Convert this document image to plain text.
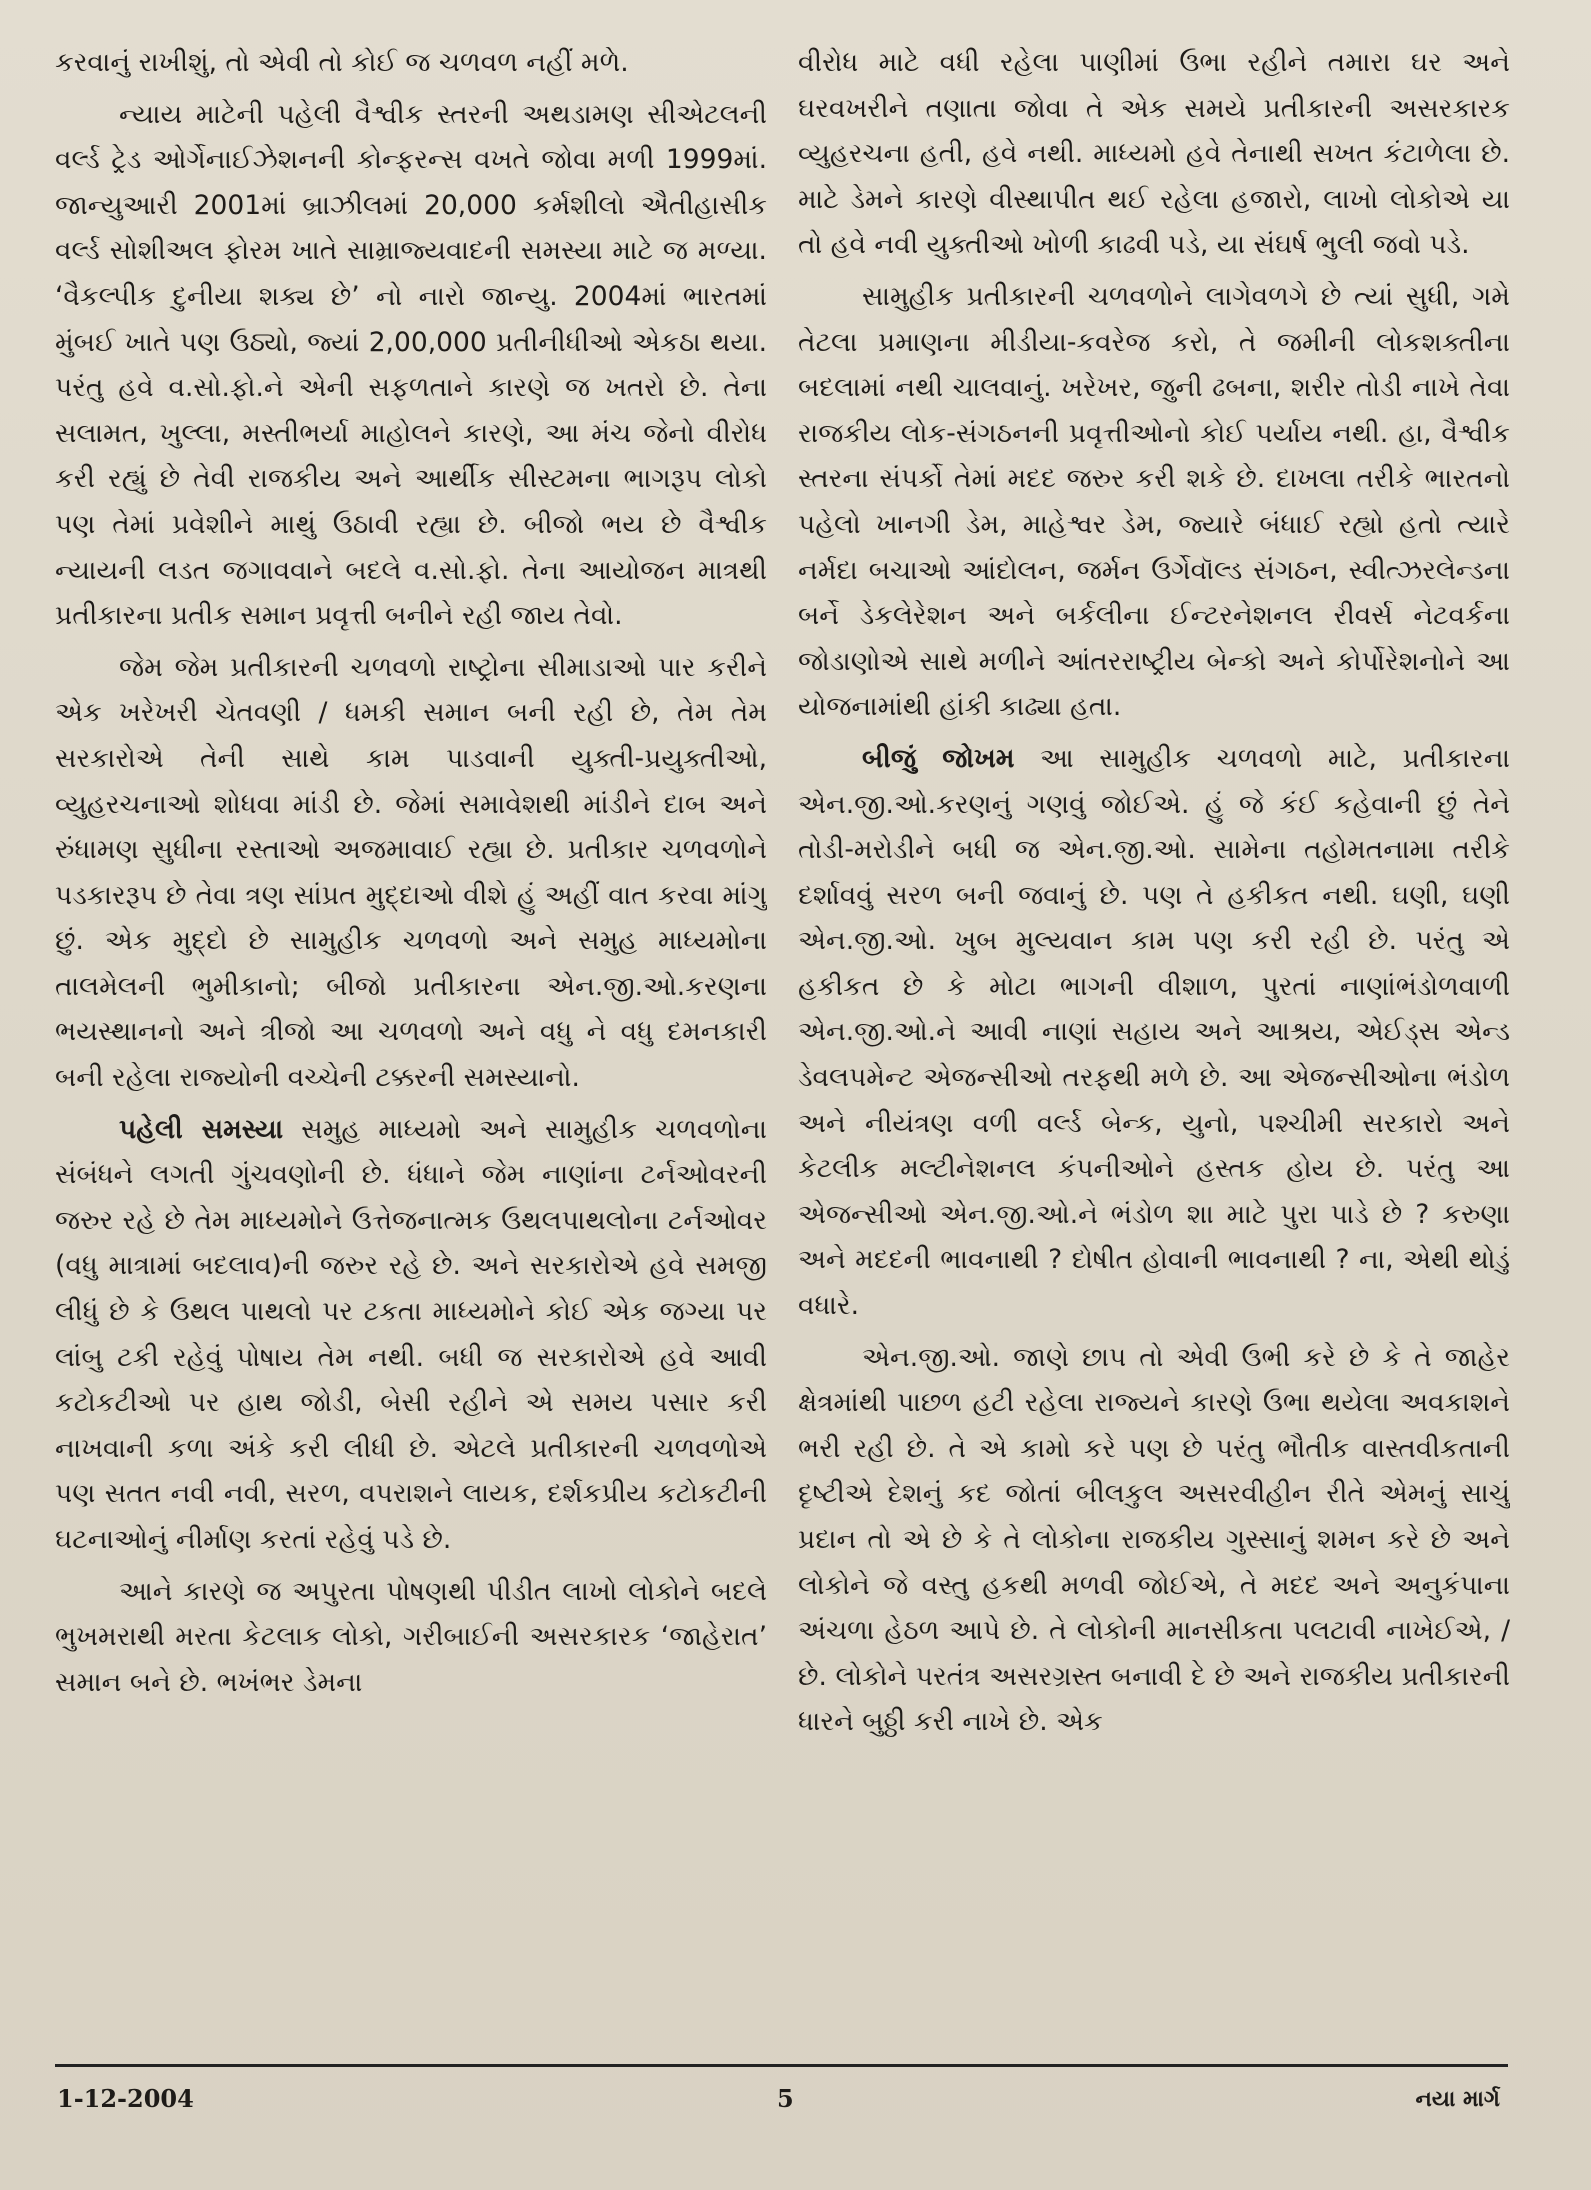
કરવાનું રાખીશું, તો એવી તો કોઈ જ ચળવળ નહીં મળે.

ન્યાય માટેની પહેલી વૈશ્વીક સ્તરની અથડામણ સીએટલની વર્લ્ડ ટ્રેડ ઓર્ગેનાઈઝેશનની કોન્ફરન્સ વખતે જોવા મળી 1999માં. જાન્યુઆરી 2001માં બ્રાઝીલમાં 20,000 કર્મશીલો ઐતીહાસીક વર્લ્ડ સોશીઅલ ફોરમ ખાતે સામ્રાજ્યવાદની સમસ્યા માટે જ મળ્યા. ‘વૈકલ્પીક દુનીયા શક્ય છે’ નો નારો જાન્યુ. 2004માં ભારતમાં મુંબઈ ખાતે પણ ઉઠ્યો, જ્યાં 2,00,000 પ્રતીનીધીઓ એકઠા થયા. પરંતુ હવે વ.સો.ફો.ને એની સફળતાને કારણે જ ખતરો છે. તેના સલામત, ખુલ્લા, મસ્તીભર્યા માહોલને કારણે, આ મંચ જેનો વીરોધ કરી રહ્યું છે તેવી રાજકીય અને આર્થીક સીસ્ટમના ભાગરૂપ લોકો પણ તેમાં પ્રવેશીને માથું ઉઠાવી રહ્યા છે. બીજો ભય છે વૈશ્વીક ન્યાયની લડત જગાવવાને બદલે વ.સો.ફો. તેના આયોજન માત્રથી પ્રતીકારના પ્રતીક સમાન પ્રવૃત્તી બનીને રહી જાય તેવો.

જેમ જેમ પ્રતીકારની ચળવળો રાષ્ટ્રોના સીમાડાઓ પાર કરીને એક ખરેખરી ચેતવણી / ધમકી સમાન બની રહી છે, તેમ તેમ સરકારોએ તેની સાથે કામ પાડવાની યુક્તી-પ્રયુક્તીઓ, વ્યુહરચનાઓ શોધવા માંડી છે. જેમાં સમાવેશથી માંડીને દાબ અને રુંધામણ સુધીના રસ્તાઓ અજમાવાઈ રહ્યા છે. પ્રતીકાર ચળવળોને પડકારરૂપ છે તેવા ત્રણ સાંપ્રત મુદ્દાઓ વીશે હું અહીં વાત કરવા માંગુ છું. એક મુદ્દો છે સામુહીક ચળવળો અને સમુહ માધ્યમોના તાલમેલની ભુમીકાનો; બીજો પ્રતીકારના એન.જી.ઓ.કરણના ભયસ્થાનનો અને ત્રીજો આ ચળવળો અને વધુ ને વધુ દમનકારી બની રહેલા રાજ્યોની વચ્ચેની ટક્કરની સમસ્યાનો.

પહેલી સમસ્યા સમુહ માધ્યમો અને સામુહીક ચળવળોના સંબંધને લગતી ગુંચવણોની છે. ધંધાને જેમ નાણાંના ટર્નઓવરની જરુર રહે છે તેમ માધ્યમોને ઉત્તેજનાત્મક ઉથલપાથલોના ટર્નઓવર (વધુ માત્રામાં બદલાવ)ની જરુર રહે છે. અને સરકારોએ હવે સમજી લીધું છે કે ઉથલ પાથલો પર ટકતા માધ્યમોને કોઈ એક જગ્યા પર લાંબુ ટકી રહેવું પોષાય તેમ નથી. બધી જ સરકારોએ હવે આવી કટોકટીઓ પર હાથ જોડી, બેસી રહીને એ સમય પસાર કરી નાખવાની કળા અંકે કરી લીધી છે. એટલે પ્રતીકારની ચળવળોએ પણ સતત નવી નવી, સરળ, વપરાશને લાયક, દર્શકપ્રીય કટોકટીની ઘટનાઓનું નીર્માણ કરતાં રહેવું પડે છે.

આને કારણે જ અપુરતા પોષણથી પીડીત લાખો લોકોને બદલે ભુખમરાથી મરતા કેટલાક લોકો, ગરીબાઈની અસરકારક ‘જાહેરાત’ સમાન બને છે. ભખંભર ડેમના

વીરોધ માટે વધી રહેલા પાણીમાં ઉભા રહીને તમારા ઘર અને ઘરવખરીને તણાતા જોવા તે એક સમયે પ્રતીકારની અસરકારક વ્યુહરચના હતી, હવે નથી. માધ્યમો હવે તેનાથી સખત કંટાળેલા છે. માટે ડેમને કારણે વીસ્થાપીત થઈ રહેલા હજારો, લાખો લોકોએ યા તો હવે નવી યુક્તીઓ ખોળી કાઢવી પડે, યા સંઘર્ષ ભુલી જવો પડે.

સામુહીક પ્રતીકારની ચળવળોને લાગેવળગે છે ત્યાં સુધી, ગમે તેટલા પ્રમાણના મીડીયા-કવરેજ કરો, તે જમીની લોકશક્તીના બદલામાં નથી ચાલવાનું. ખરેખર, જુની ઢબના, શરીર તોડી નાખે તેવા રાજકીય લોક-સંગઠનની પ્રવૃત્તીઓનો કોઈ પર્યાય નથી. હા, વૈશ્વીક સ્તરના સંપર્કો તેમાં મદદ જરુર કરી શકે છે. દાખલા તરીકે ભારતનો પહેલો ખાનગી ડેમ, માહેશ્વર ડેમ, જ્યારે બંધાઈ રહ્યો હતો ત્યારે નર્મદા બચાઓ આંદોલન, જર્મન ઉર્ગેવૉલ્ડ સંગઠન, સ્વીત્ઝરલેન્ડના બર્ને ડેકલેરેશન અને બર્કલીના ઈન્ટરનેશનલ રીવર્સ નેટવર્કના જોડાણોએ સાથે મળીને આંતરરાષ્ટ્રીય બેન્કો અને કોર્પોરેશનોને આ યોજનામાંથી હાંકી કાઢ્યા હતા.

બીજું જોખમ આ સામુહીક ચળવળો માટે, પ્રતીકારના એન.જી.ઓ.કરણનું ગણવું જોઈએ. હું જે કંઈ કહેવાની છું તેને તોડી-મરોડીને બધી જ એન.જી.ઓ. સામેના તહોમતનામા તરીકે દર્શાવવું સરળ બની જવાનું છે. પણ તે હકીકત નથી. ઘણી, ઘણી એન.જી.ઓ. ખુબ મુલ્યવાન કામ પણ કરી રહી છે. પરંતુ એ હકીકત છે કે મોટા ભાગની વીશાળ, પુરતાં નાણાંભંડોળવાળી એન.જી.ઓ.ને આવી નાણાં સહાય અને આશ્રય, એઈડ્સ એન્ડ ડેવલપમેન્ટ એજન્સીઓ તરફથી મળે છે. આ એજન્સીઓના ભંડોળ અને નીયંત્રણ વળી વર્લ્ડ બેન્ક, યુનો, પશ્ચીમી સરકારો અને કેટલીક મલ્ટીનેશનલ કંપનીઓને હસ્તક હોય છે. પરંતુ આ એજન્સીઓ એન.જી.ઓ.ને ભંડોળ શા માટે પુરા પાડે છે ? કરુણા અને મદદની ભાવનાથી ? દોષીત હોવાની ભાવનાથી ? ના, એથી થોડું વધારે.

એન.જી.ઓ. જાણે છાપ તો એવી ઉભી કરે છે કે તે જાહેર ક્ષેત્રમાંથી પાછળ હટી રહેલા રાજ્યને કારણે ઉભા થયેલા અવકાશને ભરી રહી છે. તે એ કામો કરે પણ છે પરંતુ ભૌતીક વાસ્તવીકતાની દૃષ્ટીએ દેશનું કદ જોતાં બીલકુલ અસરવીહીન રીતે એમનું સાચું પ્રદાન તો એ છે કે તે લોકોના રાજકીય ગુસ્સાનું શમન કરે છે અને લોકોને જે વસ્તુ હકથી મળવી જોઈએ, તે મદદ અને અનુકંપાના અંચળા હેઠળ આપે છે. તે લોકોની માનસીકતા પલટાવી નાખેઈએ, /છે. લોકોને પરતંત્ર અસરગ્રસ્ત બનાવી દે છે અને રાજકીય પ્રતીકારની ધારને બુઠ્ઠી કરી નાખે છે. એક

1-12-2004	5	નયા માર્ગ
